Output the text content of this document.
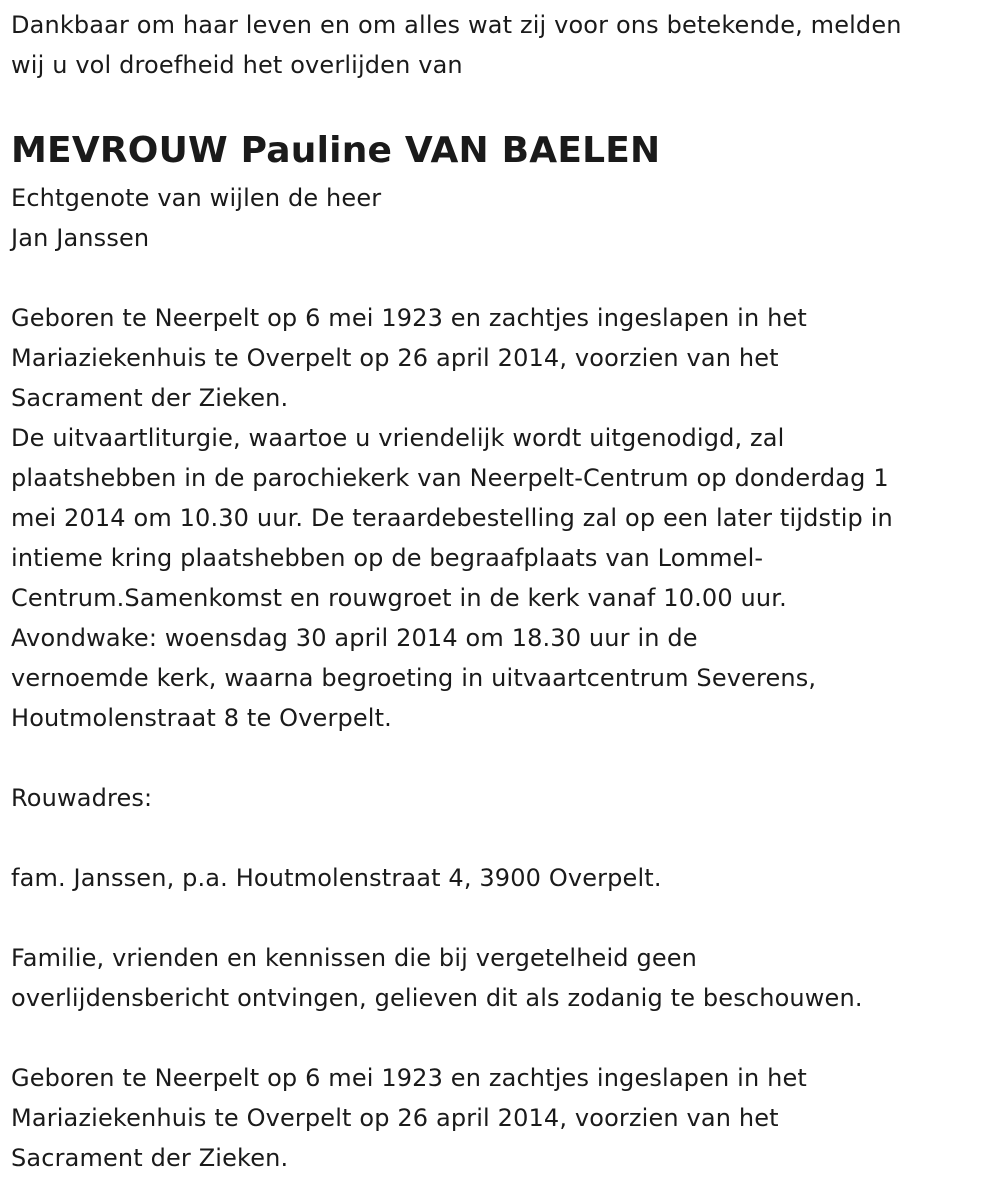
Dankbaar om haar leven en om alles wat zij voor ons betekende, melden

wij u vol droefheid het overlijden van

MEVROUW Pauline VAN BAELEN

Echtgenote van wijlen de heer

Jan Janssen

Geboren te Neerpelt op 6 mei 1923 en zachtjes ingeslapen in het

Mariaziekenhuis te Overpelt op 26 april 2014, voorzien van het

Sacrament der Zieken.

De uitvaartliturgie, waartoe u vriendelijk wordt uitgenodigd, zal

plaatshebben in de parochiekerk van Neerpelt-Centrum op donderdag 1

mei 2014 om 10.30 uur. De teraardebestelling zal op een later tijdstip in

intieme kring plaatshebben op de begraafplaats van Lommel-

Centrum.Samenkomst en rouwgroet in de kerk vanaf 10.00 uur.

Avondwake: woensdag 30 april 2014 om 18.30 uur in de

vernoemde kerk, waarna begroeting in uitvaartcentrum Severens,

Houtmolenstraat 8 te Overpelt.

Rouwadres:

fam. Janssen, p.a. Houtmolenstraat 4, 3900 Overpelt.

Familie, vrienden en kennissen die bij vergetelheid geen

overlijdensbericht ontvingen, gelieven dit als zodanig te beschouwen.

Geboren te Neerpelt op 6 mei 1923 en zachtjes ingeslapen in het

Mariaziekenhuis te Overpelt op 26 april 2014, voorzien van het

Sacrament der Zieken.
